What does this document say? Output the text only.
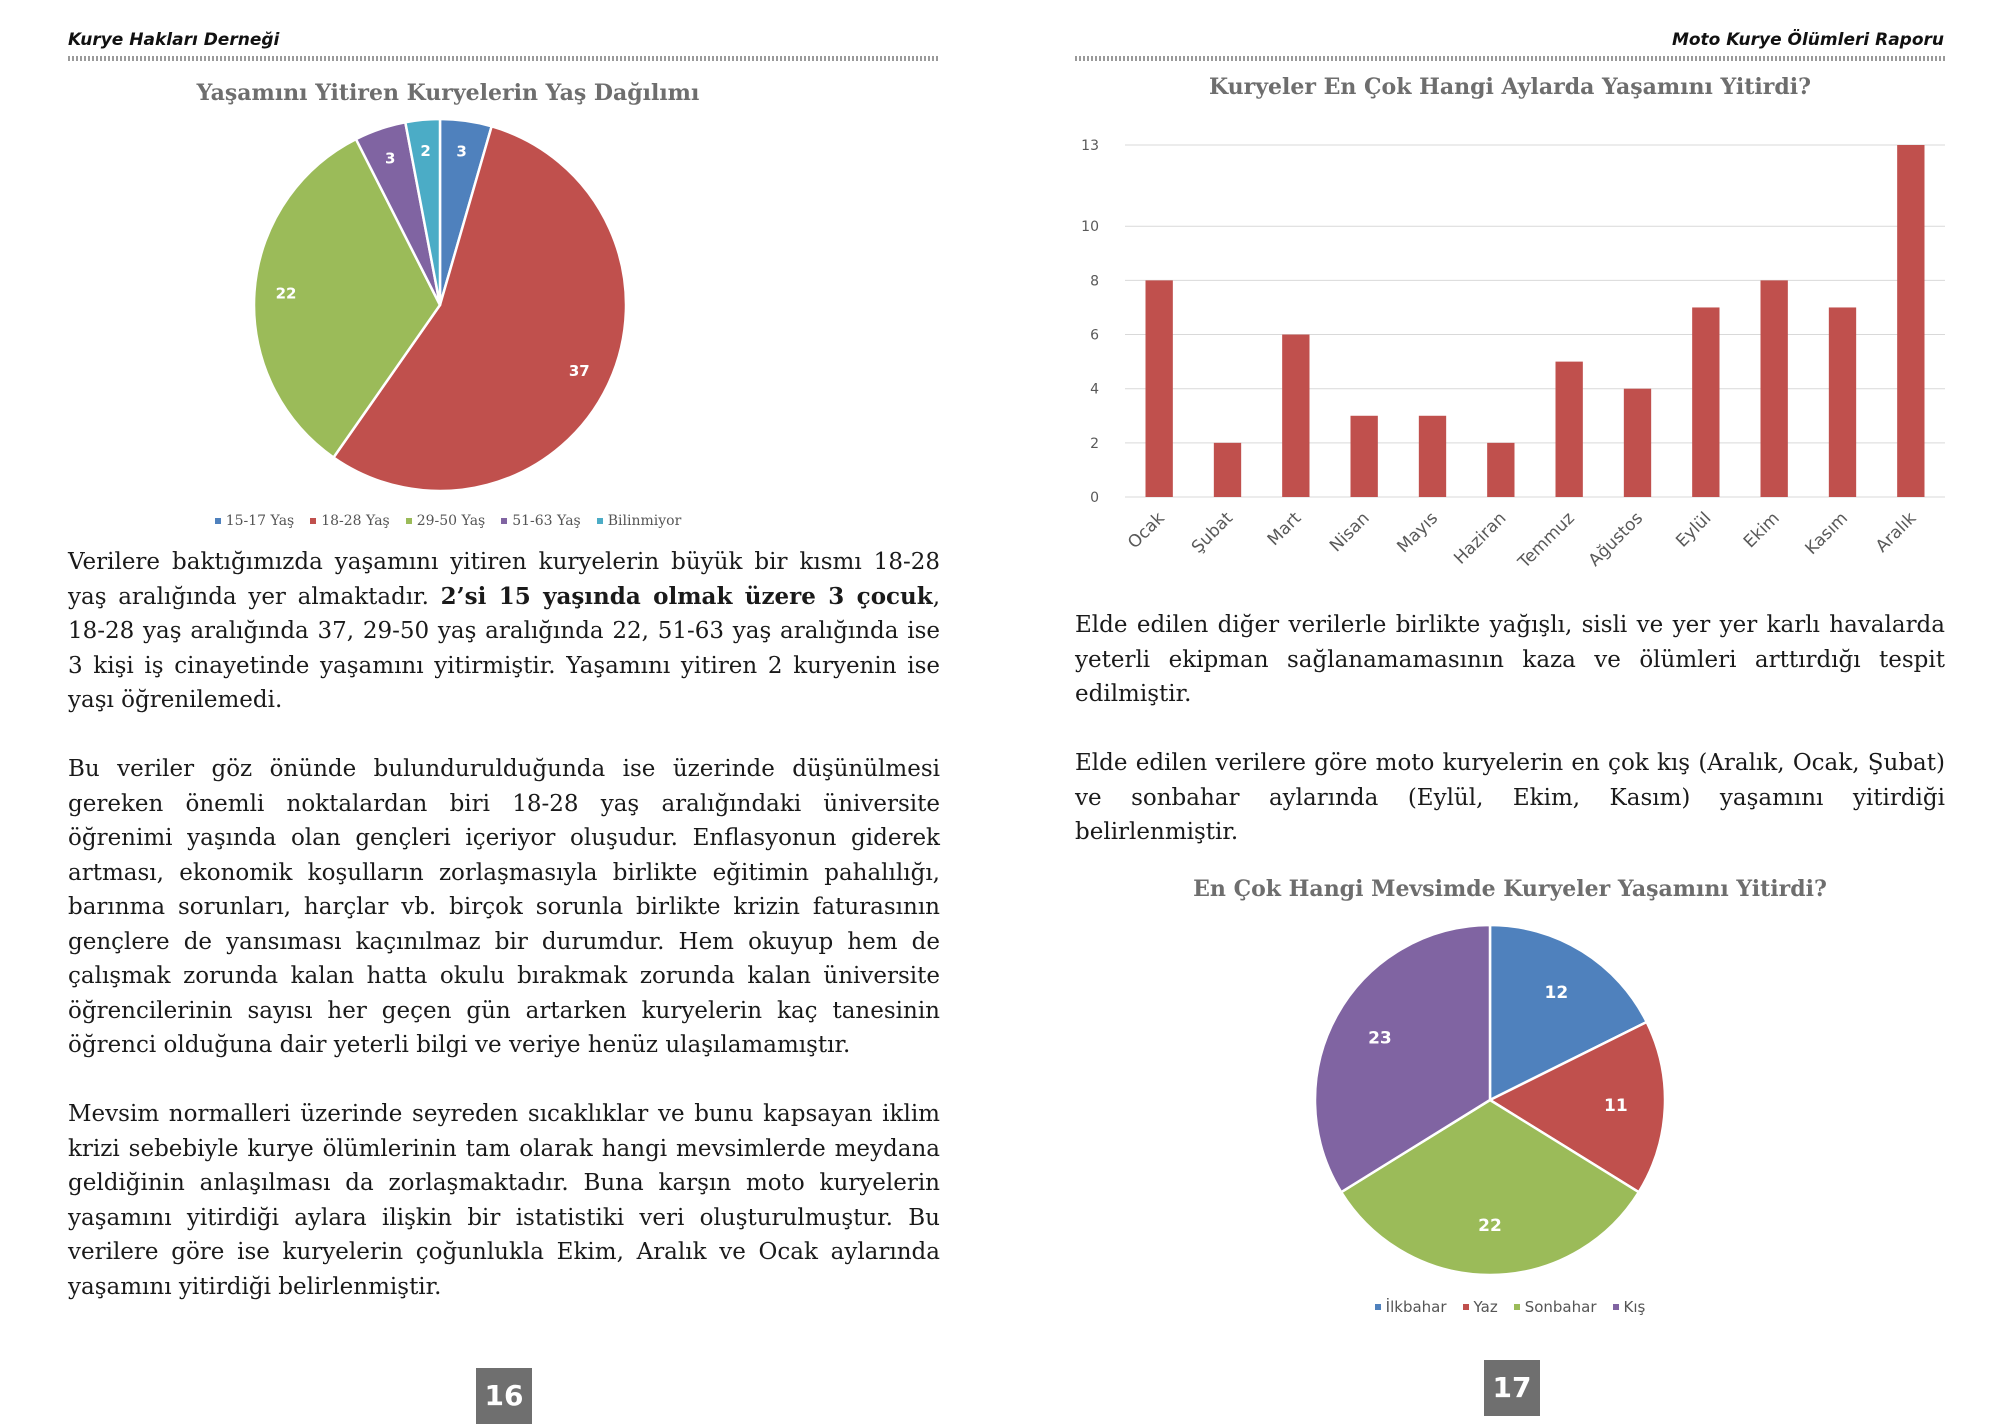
Kurye Hakları Derneği
Yaşamını Yitiren Kuryelerin Yaş Dağılımı
3
37
22
3 2
15-17 Yaş 18-28 Yaş 29-50 Yaş 51-63 Yaş Bilinmiyor

Verilere baktığımızda yaşamını yitiren kuryelerin büyük bir kısmı 18-28 yaş aralığında yer almaktadır. 2’si 15 yaşında olmak üzere 3 çocuk, 18-28 yaş aralığında 37, 29-50 yaş aralığında 22, 51-63 yaş aralığında ise 3 kişi iş cinayetinde yaşamını yitirmiştir. Yaşamını yitiren 2 kuryenin ise yaşı öğrenilemedi.

Bu veriler göz önünde bulundurulduğunda ise üzerinde düşünülmesi gereken önemli noktalardan biri 18-28 yaş aralığındaki üniversite öğrenimi yaşında olan gençleri içeriyor oluşudur. Enflasyonun giderek artması, ekonomik koşulların zorlaşmasıyla birlikte eğitimin pahalılığı, barınma sorunları, harçlar vb. birçok sorunla birlikte krizin faturasının gençlere de yansıması kaçınılmaz bir durumdur. Hem okuyup hem de çalışmak zorunda kalan hatta okulu bırakmak zorunda kalan üniversite öğrencilerinin sayısı her geçen gün artarken kuryelerin kaç tanesinin öğrenci olduğuna dair yeterli bilgi ve veriye henüz ulaşılamamıştır.

Mevsim normalleri üzerinde seyreden sıcaklıklar ve bunu kapsayan iklim krizi sebebiyle kurye ölümlerinin tam olarak hangi mevsimlerde meydana geldiğinin anlaşılması da zorlaşmaktadır. Buna karşın moto kuryelerin yaşamını yitirdiği aylara ilişkin bir istatistiki veri oluşturulmuştur. Bu verilere göre ise kuryelerin çoğunlukla Ekim, Aralık ve Ocak aylarında yaşamını yitirdiği belirlenmiştir.

16
Moto Kurye Ölümleri Raporu
Kuryeler En Çok Hangi Aylarda Yaşamını Yitirdi?
0
2
4
6
8
10
13
Ocak Şubat Mart Nisan Mayıs Haziran Temmuz Ağustos Eylül Ekim Kasım Aralık

Elde edilen diğer verilerle birlikte yağışlı, sisli ve yer yer karlı havalarda yeterli ekipman sağlanamamasının kaza ve ölümleri arttırdığı tespit edilmiştir.

Elde edilen verilere göre moto kuryelerin en çok kış (Aralık, Ocak, Şubat) ve sonbahar aylarında (Eylül, Ekim, Kasım) yaşamını yitirdiği belirlenmiştir.

En Çok Hangi Mevsimde Kuryeler Yaşamını Yitirdi?
12
11
22
23
İlkbahar Yaz Sonbahar Kış
17
